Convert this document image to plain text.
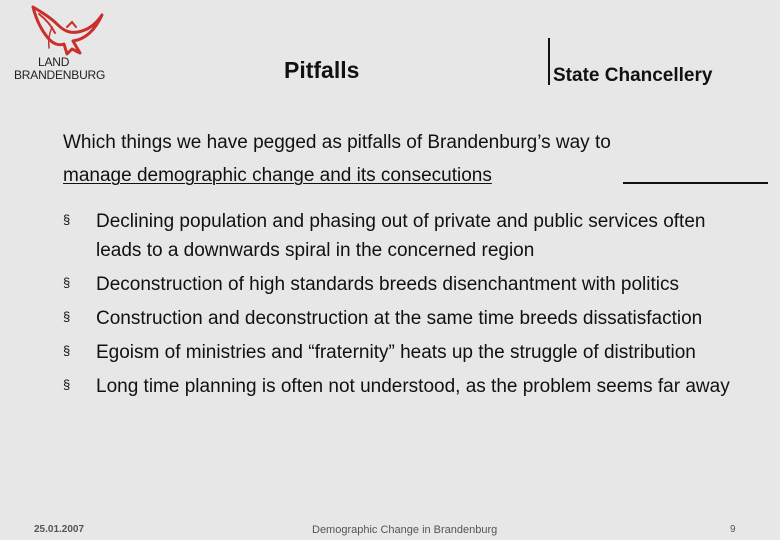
LAND
BRANDENBURG	Pitfalls	State Chancellery
Which things we have pegged as pitfalls of Brandenburg’s way to
manage demographic change and its consecutions
§ Declining population and phasing out of private and public services often leads to a downwards spiral in the concerned region
§ Deconstruction of high standards breeds disenchantment with politics
§ Construction and deconstruction at the same time breeds dissatisfaction
§ Egoism of ministries and “fraternity” heats up the struggle of distribution
§ Long time planning is often not understood, as the problem seems far away
25.01.2007	Demographic Change in Brandenburg	9
